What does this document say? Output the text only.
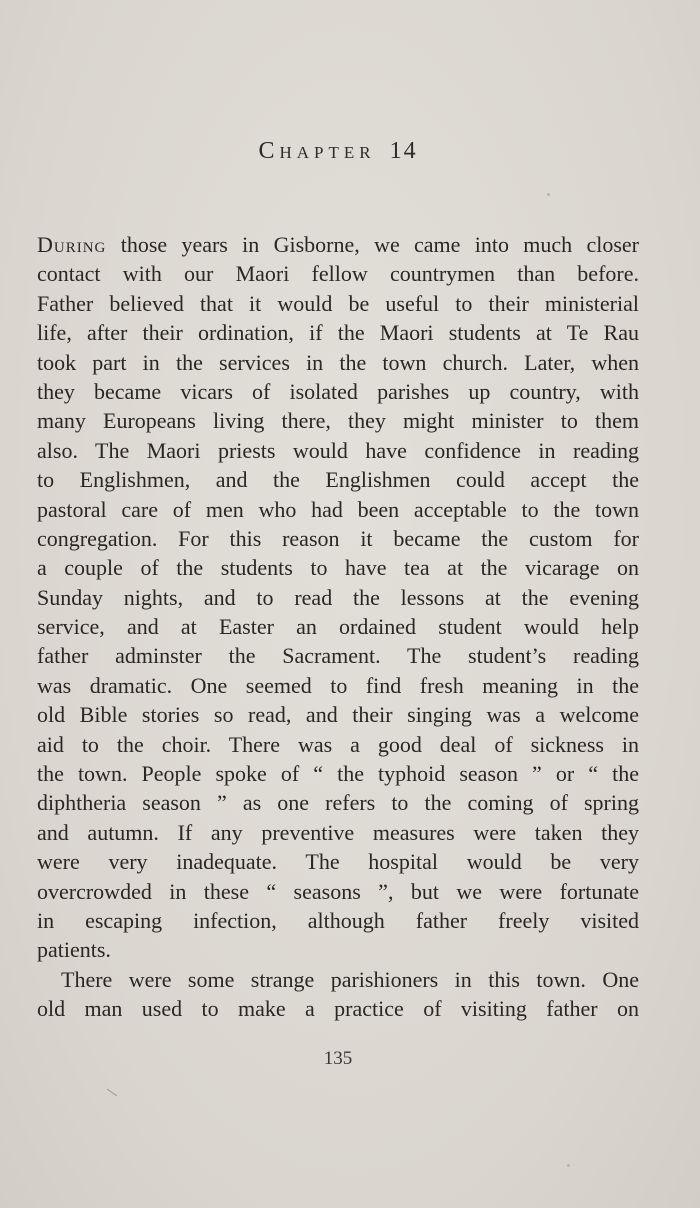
Chapter 14
During those years in Gisborne, we came into much closer
contact with our Maori fellow countrymen than before.
Father believed that it would be useful to their ministerial
life, after their ordination, if the Maori students at Te Rau
took part in the services in the town church. Later, when
they became vicars of isolated parishes up country, with
many Europeans living there, they might minister to them
also. The Maori priests would have confidence in reading
to Englishmen, and the Englishmen could accept the
pastoral care of men who had been acceptable to the town
congregation. For this reason it became the custom for
a couple of the students to have tea at the vicarage on
Sunday nights, and to read the lessons at the evening
service, and at Easter an ordained student would help
father adminster the Sacrament. The student’s reading
was dramatic. One seemed to find fresh meaning in the
old Bible stories so read, and their singing was a welcome
aid to the choir. There was a good deal of sickness in
the town. People spoke of “ the typhoid season ” or “ the
diphtheria season ” as one refers to the coming of spring
and autumn. If any preventive measures were taken they
were very inadequate. The hospital would be very
overcrowded in these “ seasons ”, but we were fortunate
in escaping infection, although father freely visited
patients.
There were some strange parishioners in this town. One
old man used to make a practice of visiting father on
135
